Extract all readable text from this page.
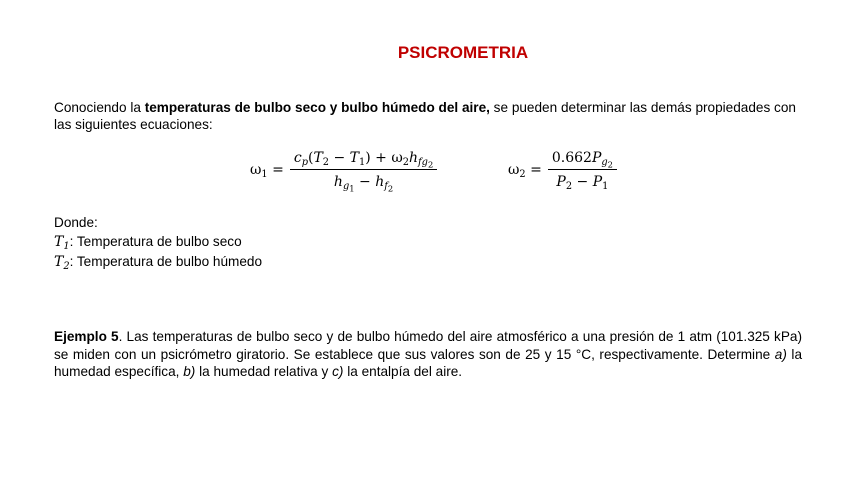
PSICROMETRIA

Conociendo la temperaturas de bulbo seco y bulbo húmedo del aire, se pueden determinar las demás propiedades con las siguientes ecuaciones:

$\omega_1 = \frac{c_p(T_2 - T_1) + \omega_2h_{fg_2}}{h_{g_1} - h_{f_2}}$	$\omega_2 = \frac{0.662P_{g_2}}{P_2 - P_1}$
Donde:
$T_1$: Temperatura de bulbo seco
$T_2$: Temperatura de bulbo húmedo

Ejemplo 5. Las temperaturas de bulbo seco y de bulbo húmedo del aire atmosférico a una presión de 1 atm (101.325 kPa) se miden con un psicrómetro giratorio. Se establece que sus valores son de 25 y 15 °C, respectivamente. Determine a) la humedad específica, b) la humedad relativa y c) la entalpía del aire.
